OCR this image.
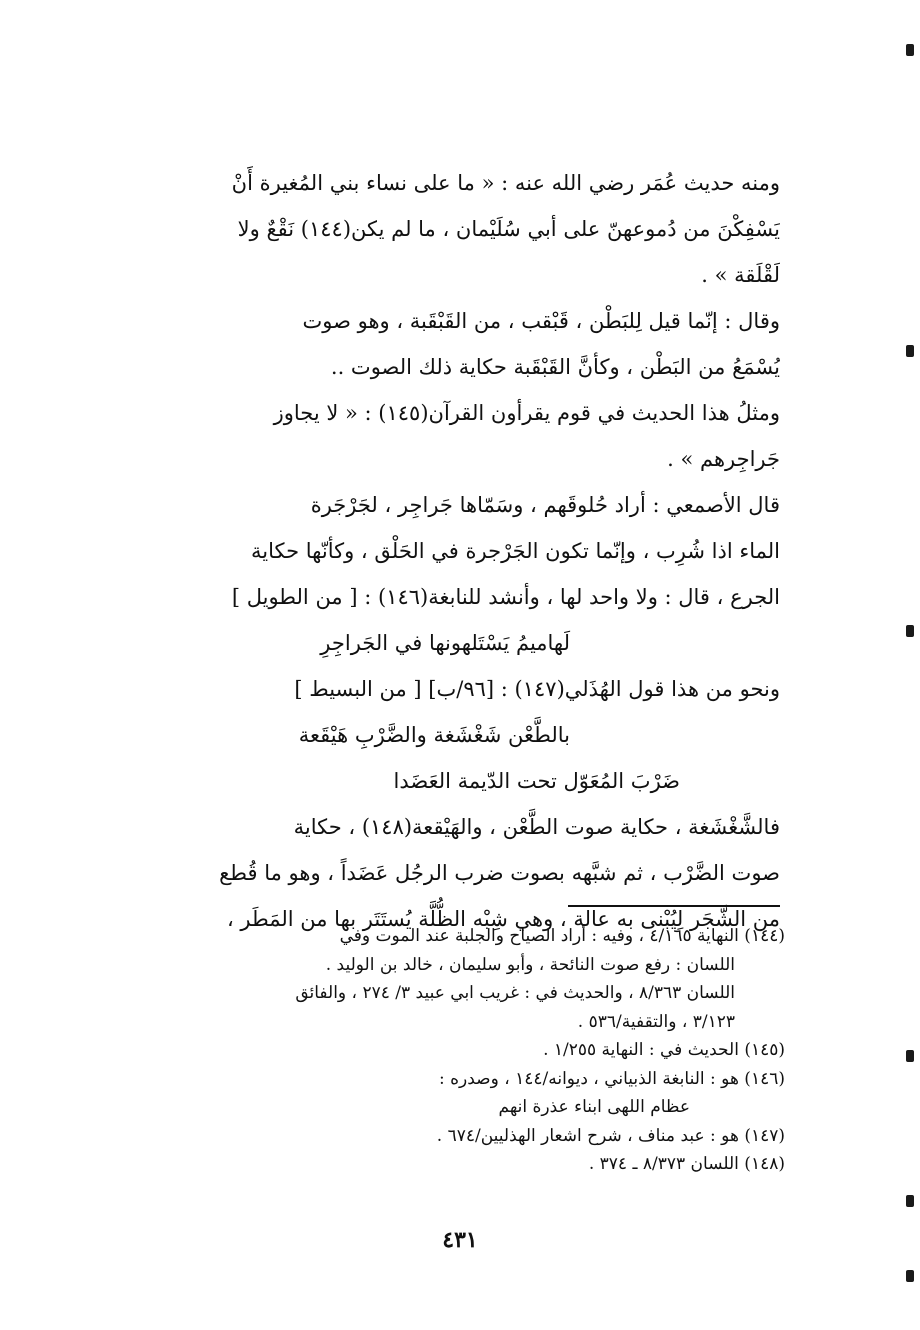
ومنه حديث عُمَر رضي الله عنه : « ما على نساء بني المُغيرة أَنْ
يَسْفِكْنَ من دُموعهنّ على أبي سُلَيْمان ، ما لم يكن(١٤٤) نَقْعٌ ولا
لَقْلَقة » .
وقال : إنّما قيل لِلبَطْن ، قَبْقب ، من القَبْقَبة ، وهو صوت
يُسْمَعُ من البَطْن ، وكأنَّ القَبْقَبة حكاية ذلك الصوت ..
ومثلُ هذا الحديث في قوم يقرأون القرآن(١٤٥) : « لا يجاوز
جَراجِرهم » .
قال الأصمعي : أراد حُلوقَهم ، وسَمّاها جَراجِر ، لجَرْجَرة
الماء اذا شُرِب ، وإنّما تكون الجَرْجرة في الحَلْق ، وكأنّها حكاية
الجرع ، قال : ولا واحد لها ، وأنشد للنابغة(١٤٦) : [ من الطويل ]
لَهاميمُ يَسْتَلهونها في الجَراجِرِ
ونحو من هذا قول الهُذَلي(١٤٧) : [٩٦/ب] [ من البسيط ]
بالطَّعْن شَغْشَغة والضَّرْبِ هَيْقَعة
ضَرْبَ المُعَوّل تحت الدّيمة العَضَدا
فالشَّغْشَغة ، حكاية صوت الطَّعْن ، والهَيْقعة(١٤٨) ، حكاية
صوت الضَّرْب ، ثم شبَّهه بصوت ضرب الرجُل عَضَداً ، وهو ما قُطع
من الشَّجَر لِيُبْنى به عالة ، وهي شِبْه الظُّلَّة يُستَتَر بها من المَطَر ،
(١٤٤) النهاية ٤/١٦٥ ، وفيه : أراد الصياح والجلبة عند الموت وفي
اللسان : رفع صوت النائحة ، وأبو سليمان ، خالد بن الوليد .
اللسان ٨/٣٦٣ ، والحديث في : غريب ابي عبيد ٣/ ٢٧٤ ، والفائق
٣/١٢٣ ، والتقفية/٥٣٦ .
(١٤٥) الحديث في : النهاية ١/٢٥٥ .
(١٤٦) هو : النابغة الذبياني ، ديوانه/١٤٤ ، وصدره :
عظام اللهى ابناء عذرة انهم
(١٤٧) هو : عبد مناف ، شرح اشعار الهذليين/٦٧٤ .
(١٤٨) اللسان ٨/٣٧٣ ـ ٣٧٤ .
٤٣١
